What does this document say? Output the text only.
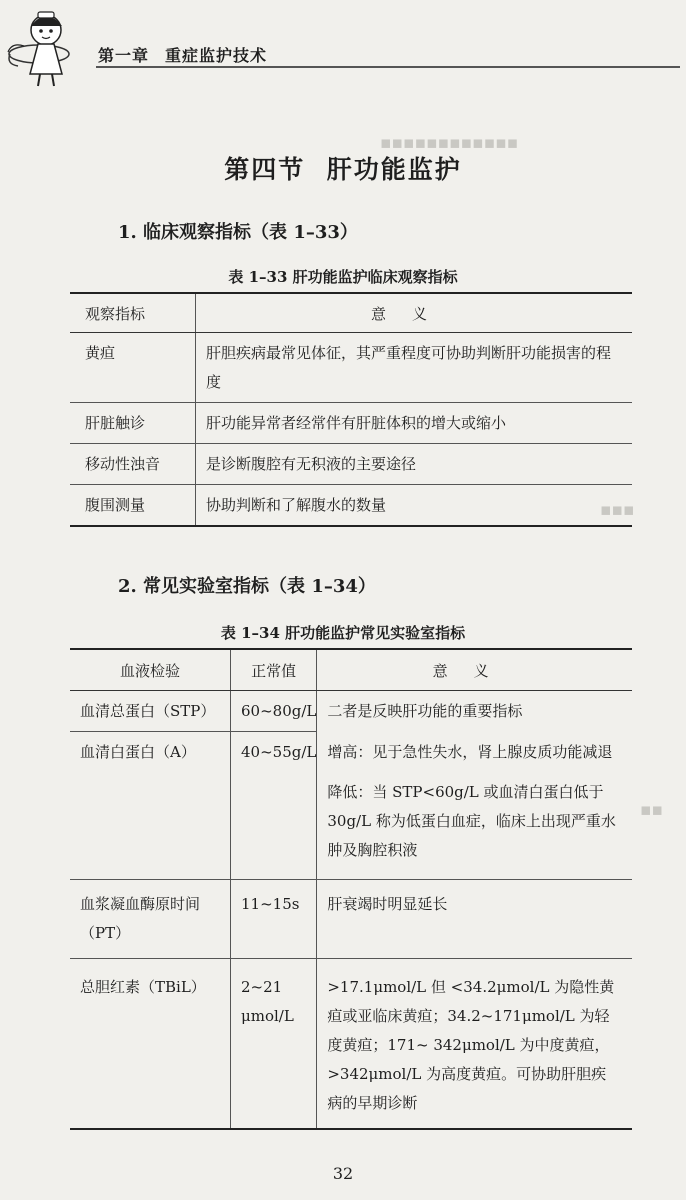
▪▪▪▪▪▪▪▪▪▪▪▪
▪▪▪
▪▪
第一章 重症监护技术
第四节  肝功能监护
1. 临床观察指标（表 1–33）
表 1–33 肝功能监护临床观察指标
观察指标	意义
黄疸	肝胆疾病最常见体征，其严重程度可协助判断肝功能损害的程度
肝脏触诊	肝功能异常者经常伴有肝脏体积的增大或缩小
移动性浊音	是诊断腹腔有无积液的主要途径
腹围测量	协助判断和了解腹水的数量
2. 常见实验室指标（表 1–34）
表 1–34 肝功能监护常见实验室指标
血液检验	正常值	意义
血清总蛋白（STP）	60~80g/L	二者是反映肝功能的重要指标
血清白蛋白（A）	40~55g/L	增高：见于急性失水，肾上腺皮质功能减退
		降低：当 STP<60g/L 或血清白蛋白低于 30g/L 称为低蛋白血症，临床上出现严重水肿及胸腔积液
血浆凝血酶原时间（PT）	11~15s	肝衰竭时明显延长
总胆红素（TBiL）	2~21 μmol/L	>17.1μmol/L 但 <34.2μmol/L 为隐性黄疸或亚临床黄疸；34.2~171μmol/L 为轻度黄疸；171~ 342μmol/L 为中度黄疸，>342μmol/L 为高度黄疸。可协助肝胆疾病的早期诊断
32
